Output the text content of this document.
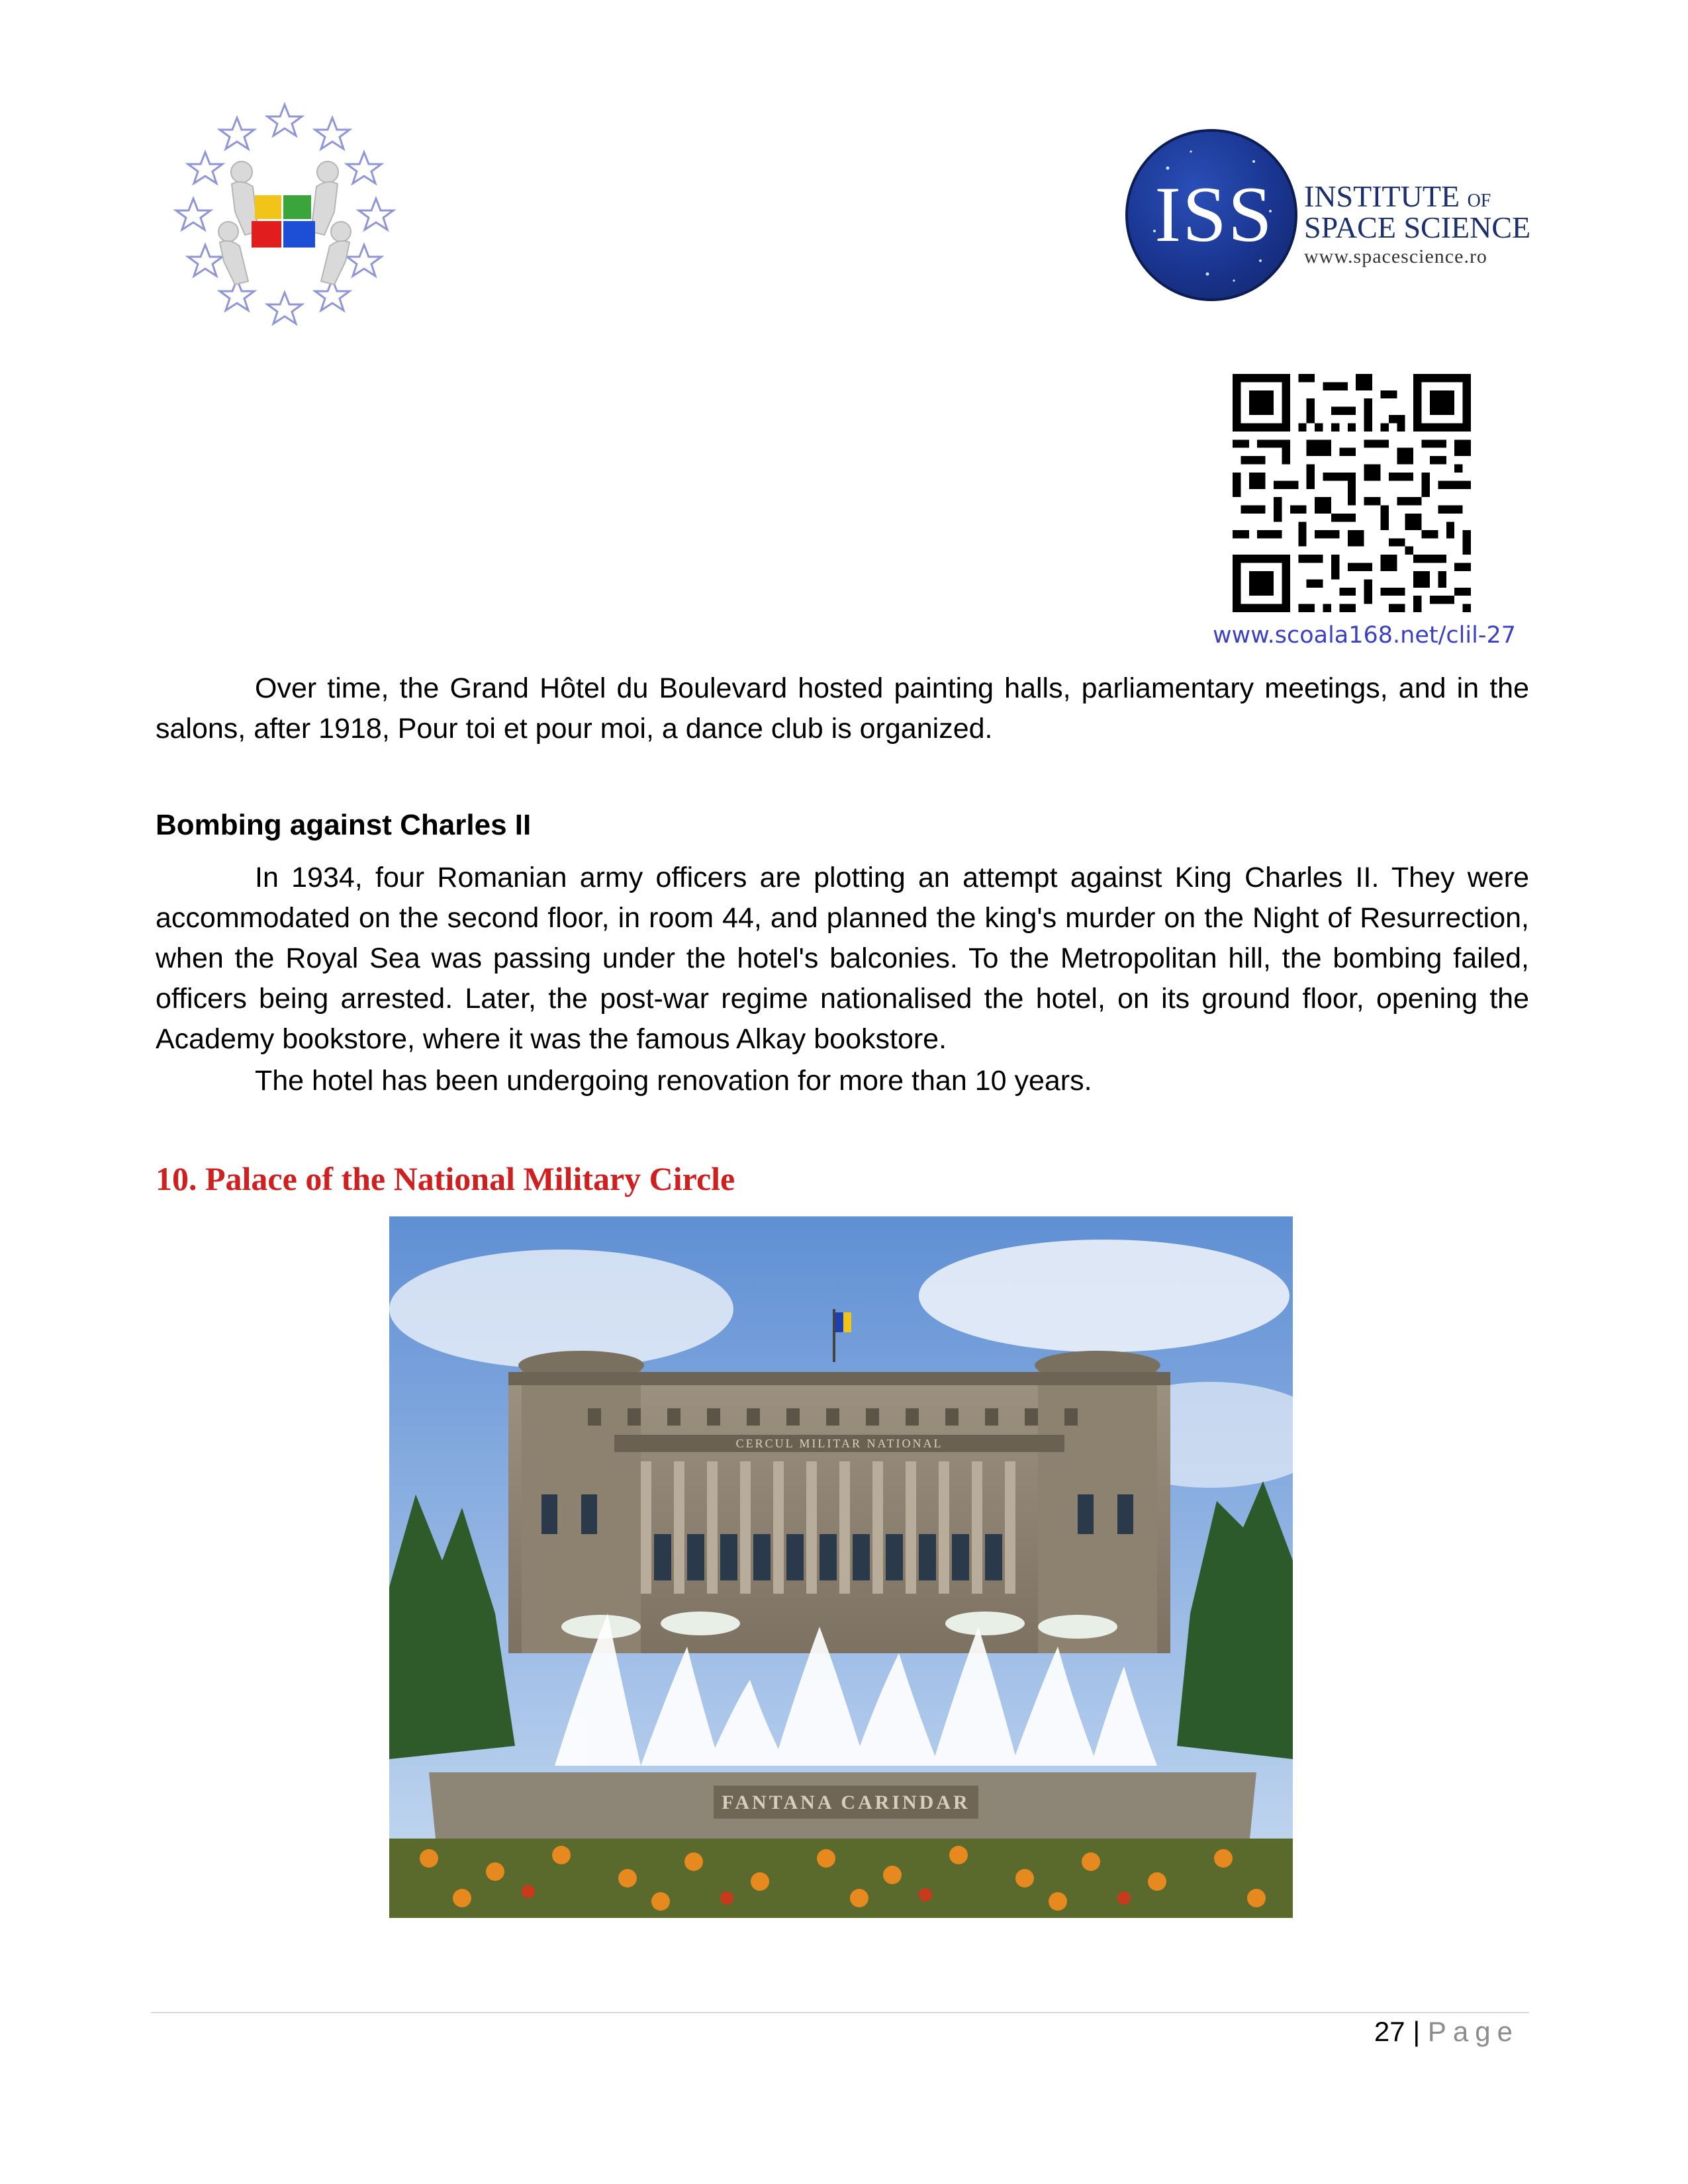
ISS	INSTITUTE OF
SPACE SCIENCE
www.spacescience.ro
www.scoala168.net/clil-27

Over time, the Grand Hôtel du Boulevard hosted painting halls, parliamentary meetings, and in the salons, after 1918, Pour toi et pour moi, a dance club is organized.

Bombing against Charles II

In 1934, four Romanian army officers are plotting an attempt against King Charles II. They were accommodated on the second floor, in room 44, and planned the king's murder on the Night of Resurrection, when the Royal Sea was passing under the hotel's balconies. To the Metropolitan hill, the bombing failed, officers being arrested. Later, the post-war regime nationalised the hotel, on its ground floor, opening the Academy bookstore, where it was the famous Alkay bookstore.

The hotel has been undergoing renovation for more than 10 years.

10. Palace of the National Military Circle
CERCUL MILITAR NATIONAL
FANTANA CARINDAR
27 | Page
